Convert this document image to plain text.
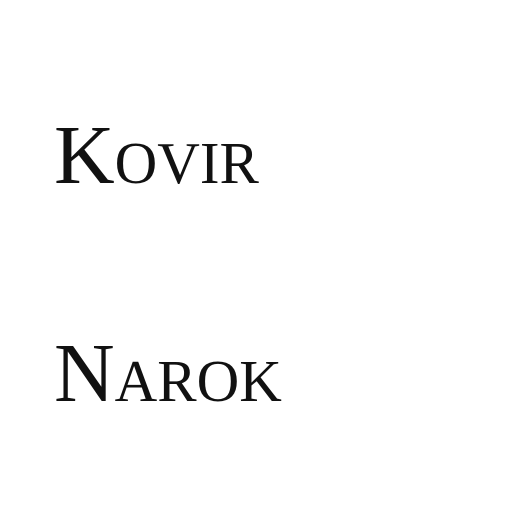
Kovir
Narok
